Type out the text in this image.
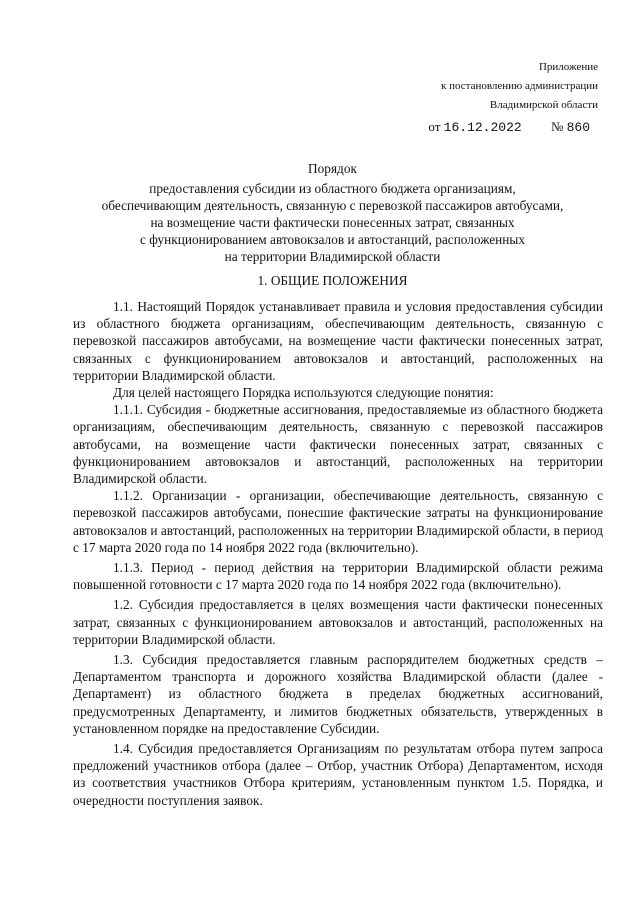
Приложение
к постановлению администрации
Владимирской области
от 16.12.2022 № 860
Порядок
предоставления субсидии из областного бюджета организациям,
обеспечивающим деятельность, связанную с перевозкой пассажиров автобусами,
на возмещение части фактически понесенных затрат, связанных
с функционированием автовокзалов и автостанций, расположенных
на территории Владимирской области
1. ОБЩИЕ ПОЛОЖЕНИЯ

1.1. Настоящий Порядок устанавливает правила и условия предоставления субсидии из областного бюджета организациям, обеспечивающим деятельность, связанную с перевозкой пассажиров автобусами, на возмещение части фактически понесенных затрат, связанных с функционированием автовокзалов и автостанций, расположенных на территории Владимирской области.

Для целей настоящего Порядка используются следующие понятия:

1.1.1. Субсидия - бюджетные ассигнования, предоставляемые из областного бюджета организациям, обеспечивающим деятельность, связанную с перевозкой пассажиров автобусами, на возмещение части фактически понесенных затрат, связанных с функционированием автовокзалов и автостанций, расположенных на территории Владимирской области.

1.1.2. Организации - организации, обеспечивающие деятельность, связанную с перевозкой пассажиров автобусами, понесшие фактические затраты на функционирование автовокзалов и автостанций, расположенных на территории Владимирской области, в период с 17 марта 2020 года по 14 ноября 2022 года (включительно).

1.1.3. Период - период действия на территории Владимирской области режима повышенной готовности с 17 марта 2020 года по 14 ноября 2022 года (включительно).

1.2. Субсидия предоставляется в целях возмещения части фактически понесенных затрат, связанных с функционированием автовокзалов и автостанций, расположенных на территории Владимирской области.

1.3. Субсидия предоставляется главным распорядителем бюджетных средств – Департаментом транспорта и дорожного хозяйства Владимирской области (далее - Департамент) из областного бюджета в пределах бюджетных ассигнований, предусмотренных Департаменту, и лимитов бюджетных обязательств, утвержденных в установленном порядке на предоставление Субсидии.

1.4. Субсидия предоставляется Организациям по результатам отбора путем запроса предложений участников отбора (далее – Отбор, участник Отбора) Департаментом, исходя из соответствия участников Отбора критериям, установленным пунктом 1.5. Порядка, и очередности поступления заявок.
